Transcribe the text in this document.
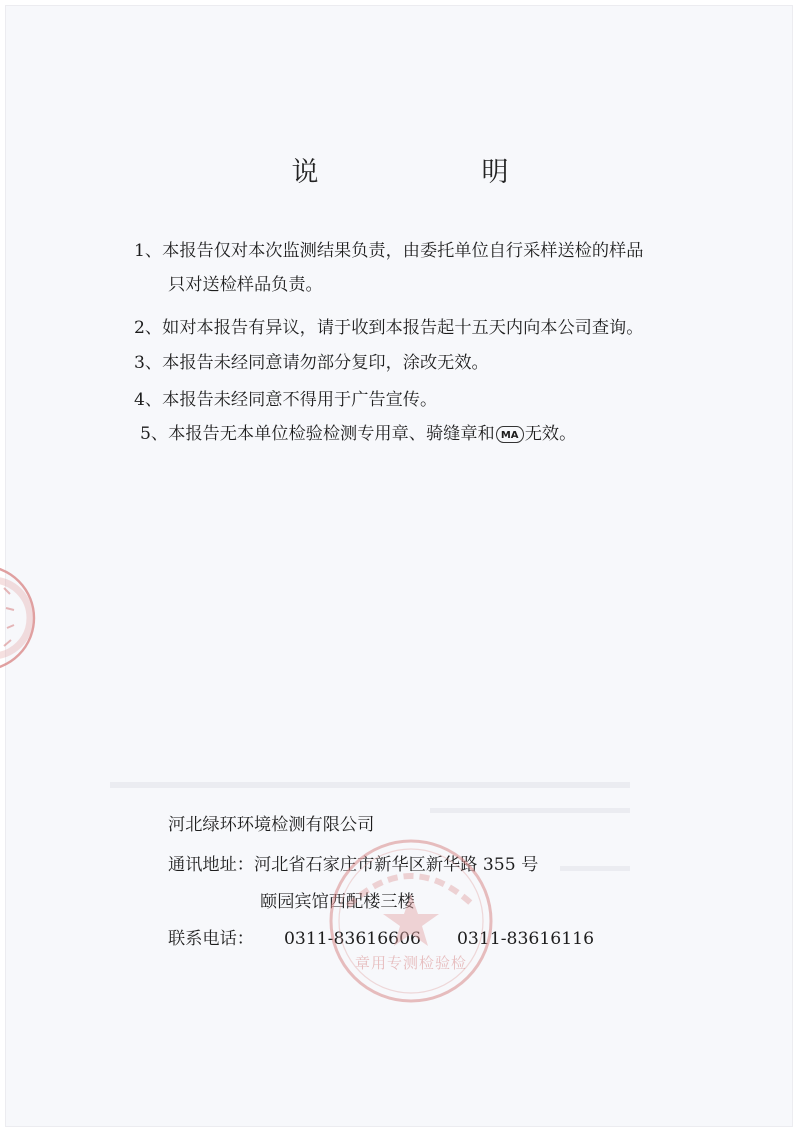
说　明
1、本报告仅对本次监测结果负责，由委托单位自行采样送检的样品
只对送检样品负责。
2、如对本报告有异议，请于收到本报告起十五天内向本公司查询。
3、本报告未经同意请勿部分复印，涂改无效。
4、本报告未经同意不得用于广告宣传。
5、本报告无本单位检验检测专用章、骑缝章和 MA 无效。
河北绿环环境检测有限公司
通讯地址：河北省石家庄市新华区新华路 355 号
颐园宾馆西配楼三楼
联系电话： 0311-83616606 0311-83616116
章用专测检验检
